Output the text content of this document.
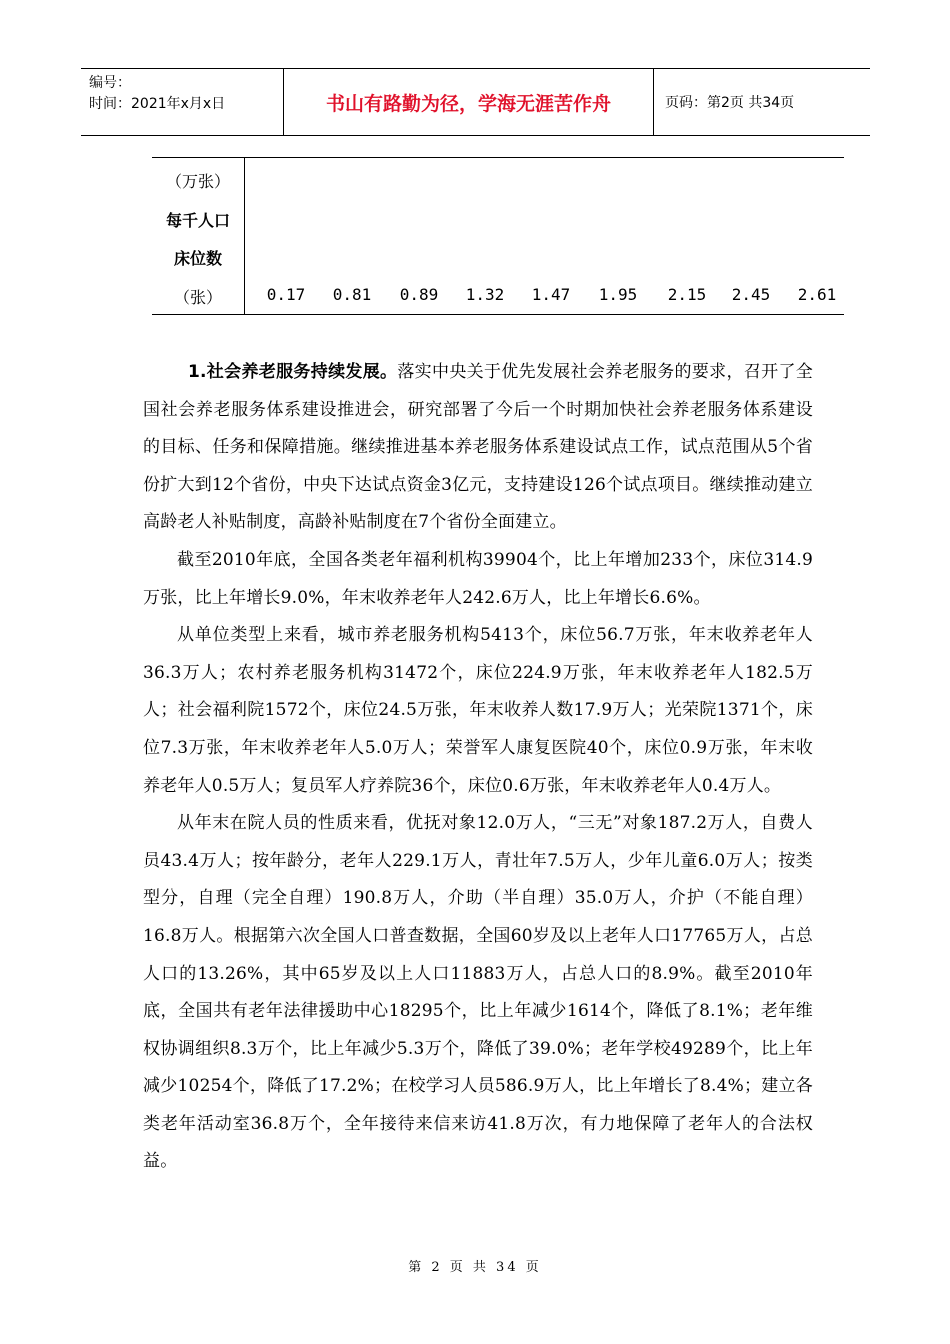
编号：
时间：2021年x月x日	书山有路勤为径，学海无涯苦作舟	页码：第2页 共34页
（万张）
每千人口
床位数
（张）	0.17	0.81	0.89	1.32	1.47	1.95	2.15	2.45	2.61

1.社会养老服务持续发展。落实中央关于优先发展社会养老服务的要求，召开了全国社会养老服务体系建设推进会，研究部署了今后一个时期加快社会养老服务体系建设的目标、任务和保障措施。继续推进基本养老服务体系建设试点工作，试点范围从5个省份扩大到12个省份，中央下达试点资金3亿元，支持建设126个试点项目。继续推动建立高龄老人补贴制度，高龄补贴制度在7个省份全面建立。

截至2010年底，全国各类老年福利机构39904个，比上年增加233个，床位314.9万张，比上年增长9.0%，年末收养老年人242.6万人，比上年增长6.6%。

从单位类型上来看，城市养老服务机构5413个，床位56.7万张，年末收养老年人36.3万人；农村养老服务机构31472个，床位224.9万张，年末收养老年人182.5万人；社会福利院1572个，床位24.5万张，年末收养人数17.9万人；光荣院1371个，床位7.3万张，年末收养老年人5.0万人；荣誉军人康复医院40个，床位0.9万张，年末收养老年人0.5万人；复员军人疗养院36个，床位0.6万张，年末收养老年人0.4万人。

从年末在院人员的性质来看，优抚对象12.0万人，“三无”对象187.2万人，自费人员43.4万人；按年龄分，老年人229.1万人，青壮年7.5万人，少年儿童6.0万人；按类型分，自理（完全自理）190.8万人，介助（半自理）35.0万人，介护（不能自理）16.8万人。根据第六次全国人口普查数据，全国60岁及以上老年人口17765万人，占总人口的13.26%，其中65岁及以上人口11883万人，占总人口的8.9%。截至2010年底，全国共有老年法律援助中心18295个，比上年减少1614个，降低了8.1%；老年维权协调组织8.3万个，比上年减少5.3万个，降低了39.0%；老年学校49289个，比上年减少10254个，降低了17.2%；在校学习人员586.9万人，比上年增长了8.4%；建立各类老年活动室36.8万个，全年接待来信来访41.8万次，有力地保障了老年人的合法权益。

第 2 页 共 34 页
